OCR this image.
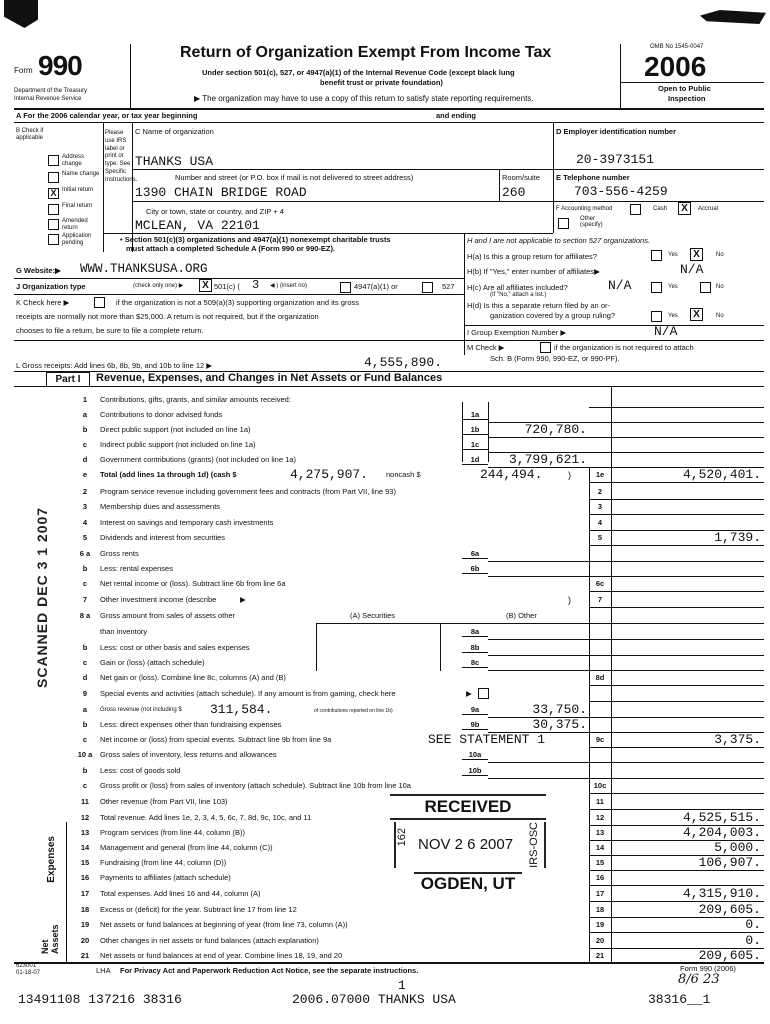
Form 990
Department of the Treasury
Internal Revenue Service
Return of Organization Exempt From Income Tax
Under section 501(c), 527, or 4947(a)(1) of the Internal Revenue Code (except black lung
benefit trust or private foundation)
▶ The organization may have to use a copy of this return to satisfy state reporting requirements.
OMB No 1545-0047
2006
Open to Public
Inspection
A For the 2006 calendar year, or tax year beginning	and ending
B Check if applicable
Please use IRS label or print or type. See Specific Instructions.
Address change
Name change
X Initial return
Final return
Amended return
Application pending
C Name of organization
THANKS USA
Number and street (or P.O. box if mail is not delivered to street address)	Room/suite
1390 CHAIN BRIDGE ROAD	260
City or town, state or country, and ZIP + 4
MCLEAN, VA 22101
• Section 501(c)(3) organizations and 4947(a)(1) nonexempt charitable trusts
must attach a completed Schedule A (Form 990 or 990-EZ).
D Employer identification number
20-3973151
E Telephone number
703-556-4259
F Accounting method	Cash	X	Accrual
Other (specify)
H and I are not applicable to section 527 organizations.
H(a) Is this a group return for affiliates?	Yes	X	No
H(b) If "Yes," enter number of affiliates▶	N/A
H(c) Are all affiliates included?	N/A	Yes	No
(If "No," attach a list.)
H(d) Is this a separate return filed by an or-
ganization covered by a group ruling?	Yes	X	No
I Group Exemption Number ▶	N/A
M Check ▶	if the organization is not required to attach
Sch. B (Form 990, 990-EZ, or 990-PF).
G Website:▶ WWW.THANKSUSA.ORG
J Organization type	(check only one) ▶	X 501(c) ( 3 ◀ ) (insert no)	4947(a)(1) or	527
K Check here ▶	if the organization is not a 509(a)(3) supporting organization and its gross
receipts are normally not more than $25,000. A return is not required, but if the organization
chooses to file a return, be sure to file a complete return.
L Gross receipts: Add lines 6b, 8b, 9b, and 10b to line 12 ▶	4,555,890.
Part I	Revenue, Expenses, and Changes in Net Assets or Fund Balances
SCANNED DEC 3 1 2007
Expenses
Net Assets
1	Contributions, gifts, grants, and similar amounts received:
a	Contributions to donor advised funds	1a
b	Direct public support (not included on line 1a)	1b	720,780.
c	Indirect public support (not included on line 1a)	1c
d	Government contributions (grants) (not included on line 1a)	1d	3,799,621.
e	Total (add lines 1a through 1d) (cash $	1e	4,520,401.
4,275,907. noncash $	244,494.	)
2	Program service revenue including government fees and contracts (from Part VII, line 93)	2
3	Membership dues and assessments	3
4	Interest on savings and temporary cash investments	4
5	Dividends and interest from securities	5	1,739.
6 a	Gross rents	6a
b	Less: rental expenses	6b
c	Net rental income or (loss). Subtract line 6b from line 6a	6c
7	Other investment income (describe	7
▶	)
8 a	Gross amount from sales of assets other	(A) Securities	(B) Other
than inventory	8a
b	Less: cost or other basis and sales expenses	8b
c	Gain or (loss) (attach schedule)	8c
d	Net gain or (loss). Combine line 8c, columns (A) and (B)	8d
9	Special events and activities (attach schedule). If any amount is from gaming, check here	▶
a	Gross revenue (not including $	9a	33,750.
311,584.	of contributions reported on line 1b)
b	Less: direct expenses other than fundraising expenses	9b	30,375.
c	Net income or (loss) from special events. Subtract line 9b from line 9a	9c	3,375.
SEE STATEMENT 1
10 a	Gross sales of inventory, less returns and allowances	10a
b	Less: cost of goods sold	10b
c	Gross profit or (loss) from sales of inventory (attach schedule). Subtract line 10b from line 10a	10c
11	Other revenue (from Part VII, line 103)	11
12	Total revenue. Add lines 1e, 2, 3, 4, 5, 6c, 7, 8d, 9c, 10c, and 11	12	4,525,515.
13	Program services (from line 44, column (B))	13	4,204,003.
14	Management and general (from line 44, column (C))	14	5,000.
15	Fundraising (from line 44, column (D))	15	106,907.
16	Payments to affiliates (attach schedule)	16
17	Total expenses. Add lines 16 and 44, column (A)	17	4,315,910.
18	Excess or (deficit) for the year. Subtract line 17 from line 12	18	209,605.
19	Net assets or fund balances at beginning of year (from line 73, column (A))	19	0.
20	Other changes in net assets or fund balances (attach explanation)	20	0.
21	Net assets or fund balances at end of year. Combine lines 18, 19, and 20	21	209,605.
RECEIVED
NOV 2 6 2007
162	IRS-OSC
OGDEN, UT
623001 01-18-07	LHA For Privacy Act and Paperwork Reduction Act Notice, see the separate instructions.	Form 990 (2006)
8/6 23
1
13491108 137216 38316	2006.07000 THANKS USA	38316__1
